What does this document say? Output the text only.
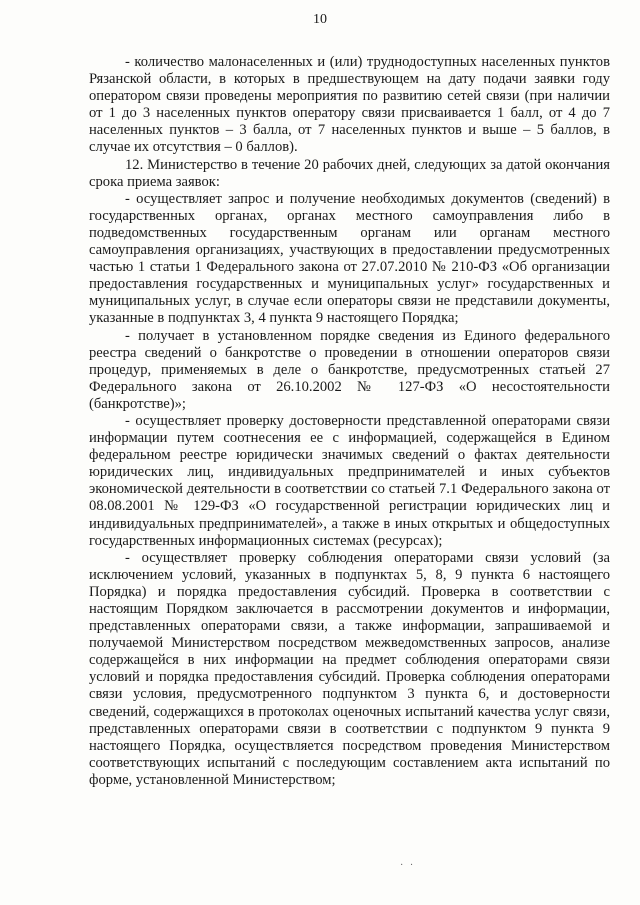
10

- количество малонаселенных и (или) труднодоступных населенных пунктов Рязанской области, в которых в предшествующем на дату подачи заявки году оператором связи проведены мероприятия по развитию сетей связи (при наличии от 1 до 3 населенных пунктов оператору связи присваивается 1 балл, от 4 до 7 населенных пунктов – 3 балла, от 7 населенных пунктов и выше – 5 баллов, в случае их отсутствия – 0 баллов).

12. Министерство в течение 20 рабочих дней, следующих за датой окончания срока приема заявок:

- осуществляет запрос и получение необходимых документов (сведений) в государственных органах, органах местного самоуправления либо в подведомственных государственным органам или органам местного самоуправления организациях, участвующих в предоставлении предусмотренных частью 1 статьи 1 Федерального закона от 27.07.2010 № 210-ФЗ «Об организации предоставления государственных и муниципальных услуг» государственных и муниципальных услуг, в случае если операторы связи не представили документы, указанные в подпунктах 3, 4 пункта 9 настоящего Порядка;

- получает в установленном порядке сведения из Единого федерального реестра сведений о банкротстве о проведении в отношении операторов связи процедур, применяемых в деле о банкротстве, предусмотренных статьей 27 Федерального закона от 26.10.2002 № 127-ФЗ «О несостоятельности (банкротстве)»;

- осуществляет проверку достоверности представленной операторами связи информации путем соотнесения ее с информацией, содержащейся в Едином федеральном реестре юридически значимых сведений о фактах деятельности юридических лиц, индивидуальных предпринимателей и иных субъектов экономической деятельности в соответствии со статьей 7.1 Федерального закона от 08.08.2001 № 129-ФЗ «О государственной регистрации юридических лиц и индивидуальных предпринимателей», а также в иных открытых и общедоступных государственных информационных системах (ресурсах);

- осуществляет проверку соблюдения операторами связи условий (за исключением условий, указанных в подпунктах 5, 8, 9 пункта 6 настоящего Порядка) и порядка предоставления субсидий. Проверка в соответствии с настоящим Порядком заключается в рассмотрении документов и информации, представленных операторами связи, а также информации, запрашиваемой и получаемой Министерством посредством межведомственных запросов, анализе содержащейся в них информации на предмет соблюдения операторами связи условий и порядка предоставления субсидий. Проверка соблюдения операторами связи условия, предусмотренного подпунктом 3 пункта 6, и достоверности сведений, содержащихся в протоколах оценочных испытаний качества услуг связи, представленных операторами связи в соответствии с подпунктом 9 пункта 9 настоящего Порядка, осуществляется посредством проведения Министерством соответствующих испытаний с последующим составлением акта испытаний по форме, установленной Министерством;

· ·
